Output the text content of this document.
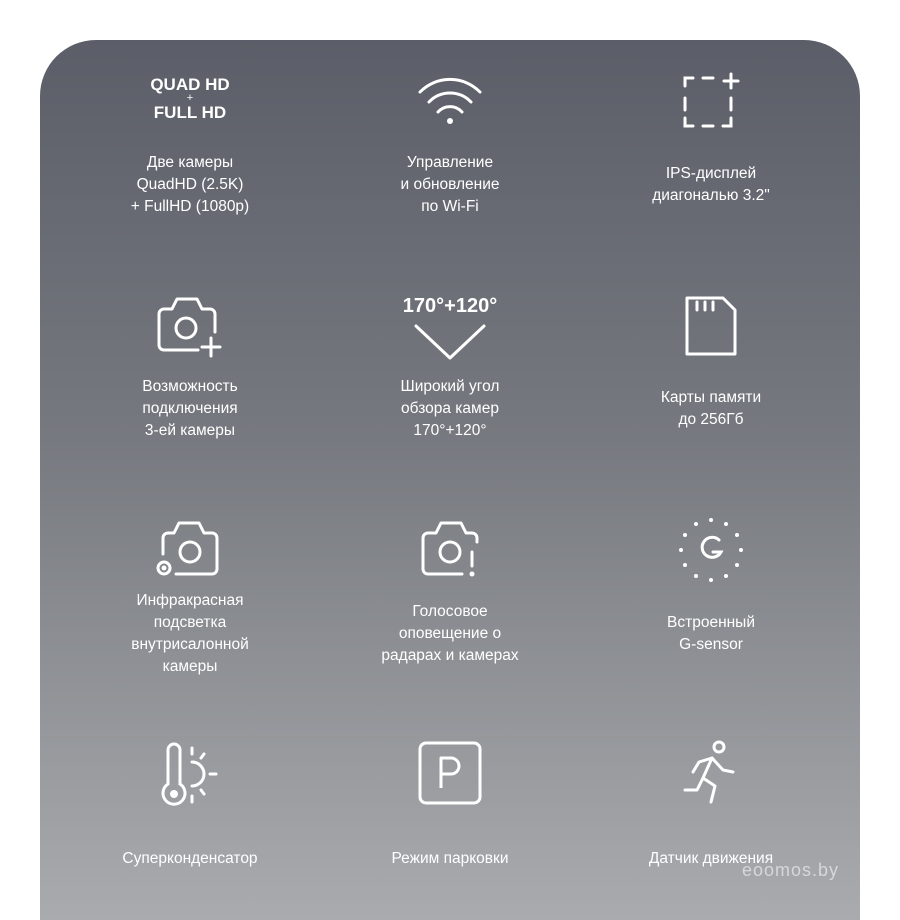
QUAD HD
+
FULL HD
Две камеры
QuadHD (2.5K)
+ FullHD (1080p)
Управление
и обновление
по Wi-Fi
IPS-дисплей
диагональю 3.2"
Возможность
подключения
3-ей камеры
170°+120°
Широкий угол
обзора камер
170°+120°
Карты памяти
до 256Гб
Инфракрасная
подсветка
внутрисалонной
камеры
Голосовое
оповещение о
радарах и камерах
Встроенный
G-sensor
Суперконденсатор	Режим парковки	Датчик движения
eoomos.by
